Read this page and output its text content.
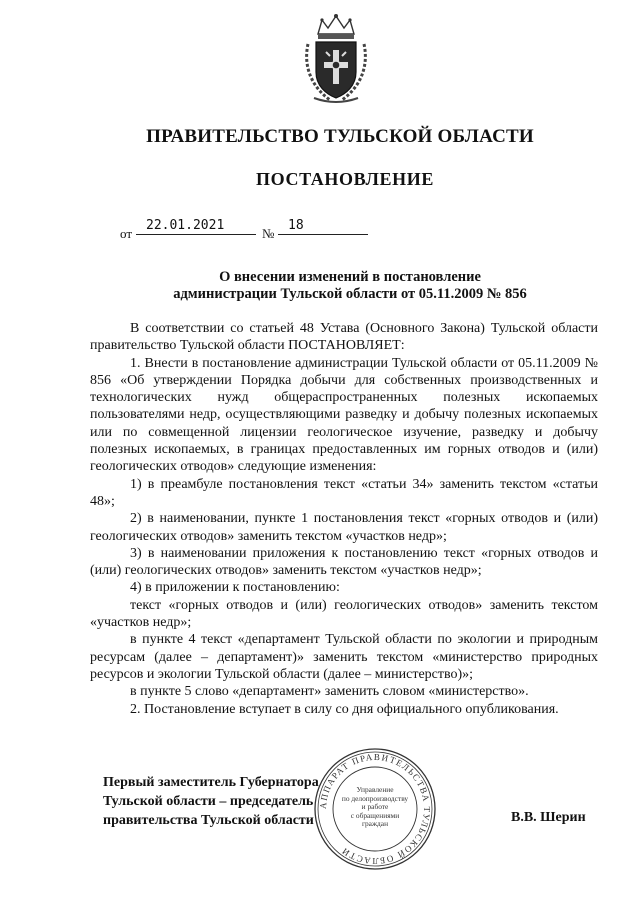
ПРАВИТЕЛЬСТВО ТУЛЬСКОЙ ОБЛАСТИ
ПОСТАНОВЛЕНИЕ
от
22.01.2021
№
18
О внесении изменений в постановление
администрации Тульской области от 05.11.2009 № 856

В соответствии со статьей 48 Устава (Основного Закона) Тульской области правительство Тульской области ПОСТАНОВЛЯЕТ:

1. Внести в постановление администрации Тульской области от 05.11.2009 № 856 «Об утверждении Порядка добычи для собственных производственных и технологических нужд общераспространенных полезных ископаемых пользователями недр, осуществляющими разведку и добычу полезных ископаемых или по совмещенной лицензии геологическое изучение, разведку и добычу полезных ископаемых, в границах предоставленных им горных отводов и (или) геологических отводов» следующие изменения:

1) в преамбуле постановления текст «статьи 34» заменить текстом «статьи 48»;

2) в наименовании, пункте 1 постановления текст «горных отводов и (или) геологических отводов» заменить текстом «участков недр»;

3) в наименовании приложения к постановлению текст «горных отводов и (или) геологических отводов» заменить текстом «участков недр»;

4) в приложении к постановлению:

текст «горных отводов и (или) геологических отводов» заменить текстом «участков недр»;

в пункте 4 текст «департамент Тульской области по экологии и природным ресурсам (далее – департамент)» заменить текстом «министерство природных ресурсов и экологии Тульской области (далее – министерство)»;

в пункте 5 слово «департамент» заменить словом «министерство».

2. Постановление вступает в силу со дня официального опубликования.

Первый заместитель Губернатора
Тульской области – председатель
правительства Тульской области
АППАРАТ ПРАВИТЕЛЬСТВА ТУЛЬСКОЙ ОБЛАСТИ
Управление
по делопроизводству
и работе
с обращениями
граждан	В.В. Шерин
